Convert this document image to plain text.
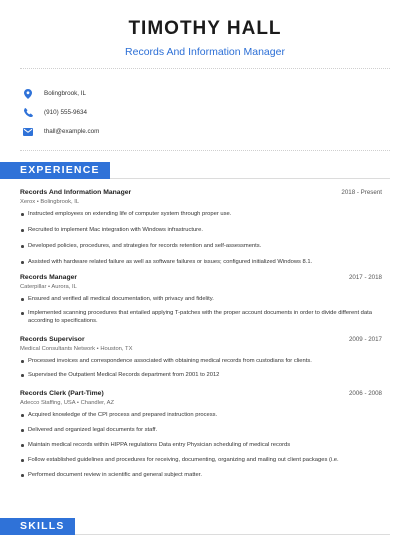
TIMOTHY HALL
Records And Information Manager
Bolingbrook, IL
(910) 555-9634
thall@example.com
EXPERIENCE
Records And Information Manager	2018 - Present
Xerox • Bolingbrook, IL
Instructed employees on extending life of computer system through proper use.
Recruited to implement Mac integration with Windows infrastructure.
Developed policies, procedures, and strategies for records retention and self-assessments.
Assisted with hardware related failure as well as software failures or issues; configured initialized Windows 8.1.
Records Manager	2017 - 2018
Caterpillar • Aurora, IL
Ensured and verified all medical documentation, with privacy and fidelity.
Implemented scanning procedures that entailed applying T-patches with the proper account documents in order to divide different data according to specifications.
Records Supervisor	2009 - 2017
Medical Consultants Network • Houston, TX
Processed invoices and correspondence associated with obtaining medical records from custodians for clients.
Supervised the Outpatient Medical Records department from 2001 to 2012
Records Clerk (Part-Time)	2006 - 2008
Adecco Staffing, USA • Chandler, AZ
Acquired knowledge of the CPI process and prepared instruction process.
Delivered and organized legal documents for staff.
Maintain medical records within HIPPA regulations Data entry Physician scheduling of medical records
Follow established guidelines and procedures for receiving, documenting, organizing and mailing out client packages (i.e.
Performed document review in scientific and general subject matter.
SKILLS
